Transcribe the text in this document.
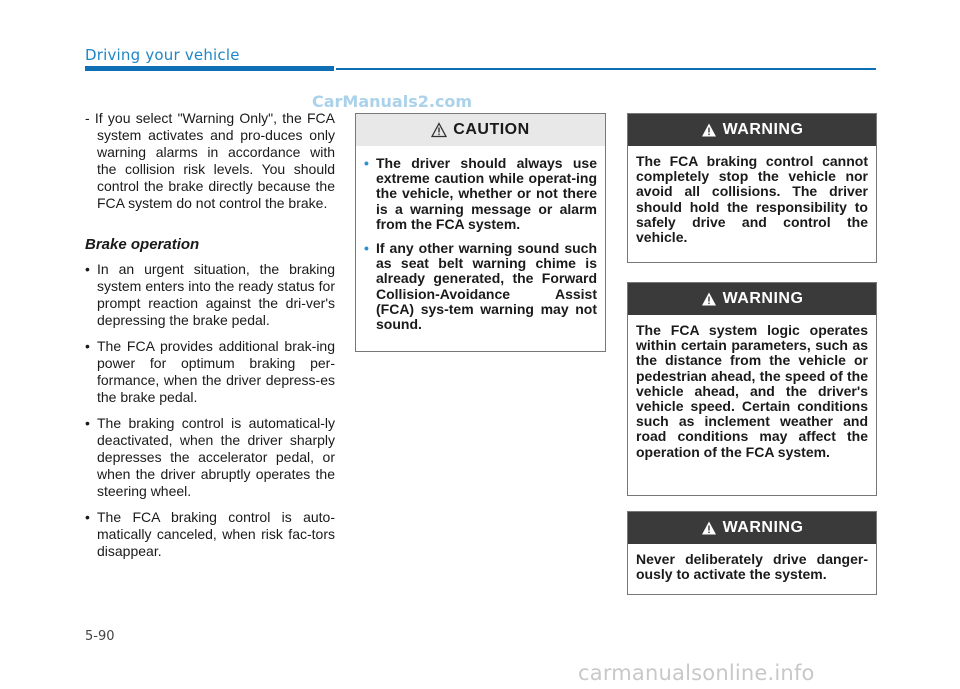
Driving your vehicle
CarManuals2.com

- If you select "Warning Only", the FCA system activates and pro-duces only warning alarms in accordance with the collision risk levels. You should control the brake directly because the FCA system do not control the brake.

Brake operation
• In an urgent situation, the braking system enters into the ready status for prompt reaction against the dri-ver's depressing the brake pedal.
• The FCA provides additional brak-ing power for optimum braking per-formance, when the driver depress-es the brake pedal.
• The braking control is automatical-ly deactivated, when the driver sharply depresses the accelerator pedal, or when the driver abruptly operates the steering wheel.
• The FCA braking control is auto-matically canceled, when risk fac-tors disappear.
CAUTION
• The driver should always use extreme caution while operat-ing the vehicle, whether or not there is a warning message or alarm from the FCA system.
• If any other warning sound such as seat belt warning chime is already generated, the Forward Collision-Avoidance Assist (FCA) sys-tem warning may not sound.
WARNING
The FCA braking control cannot completely stop the vehicle nor avoid all collisions. The driver should hold the responsibility to safely drive and control the vehicle.
WARNING
The FCA system logic operates within certain parameters, such as the distance from the vehicle or pedestrian ahead, the speed of the vehicle ahead, and the driver's vehicle speed. Certain conditions such as inclement weather and road conditions may affect the operation of the FCA system.
WARNING
Never deliberately drive danger-ously to activate the system.
5-90
carmanualsonline.info
